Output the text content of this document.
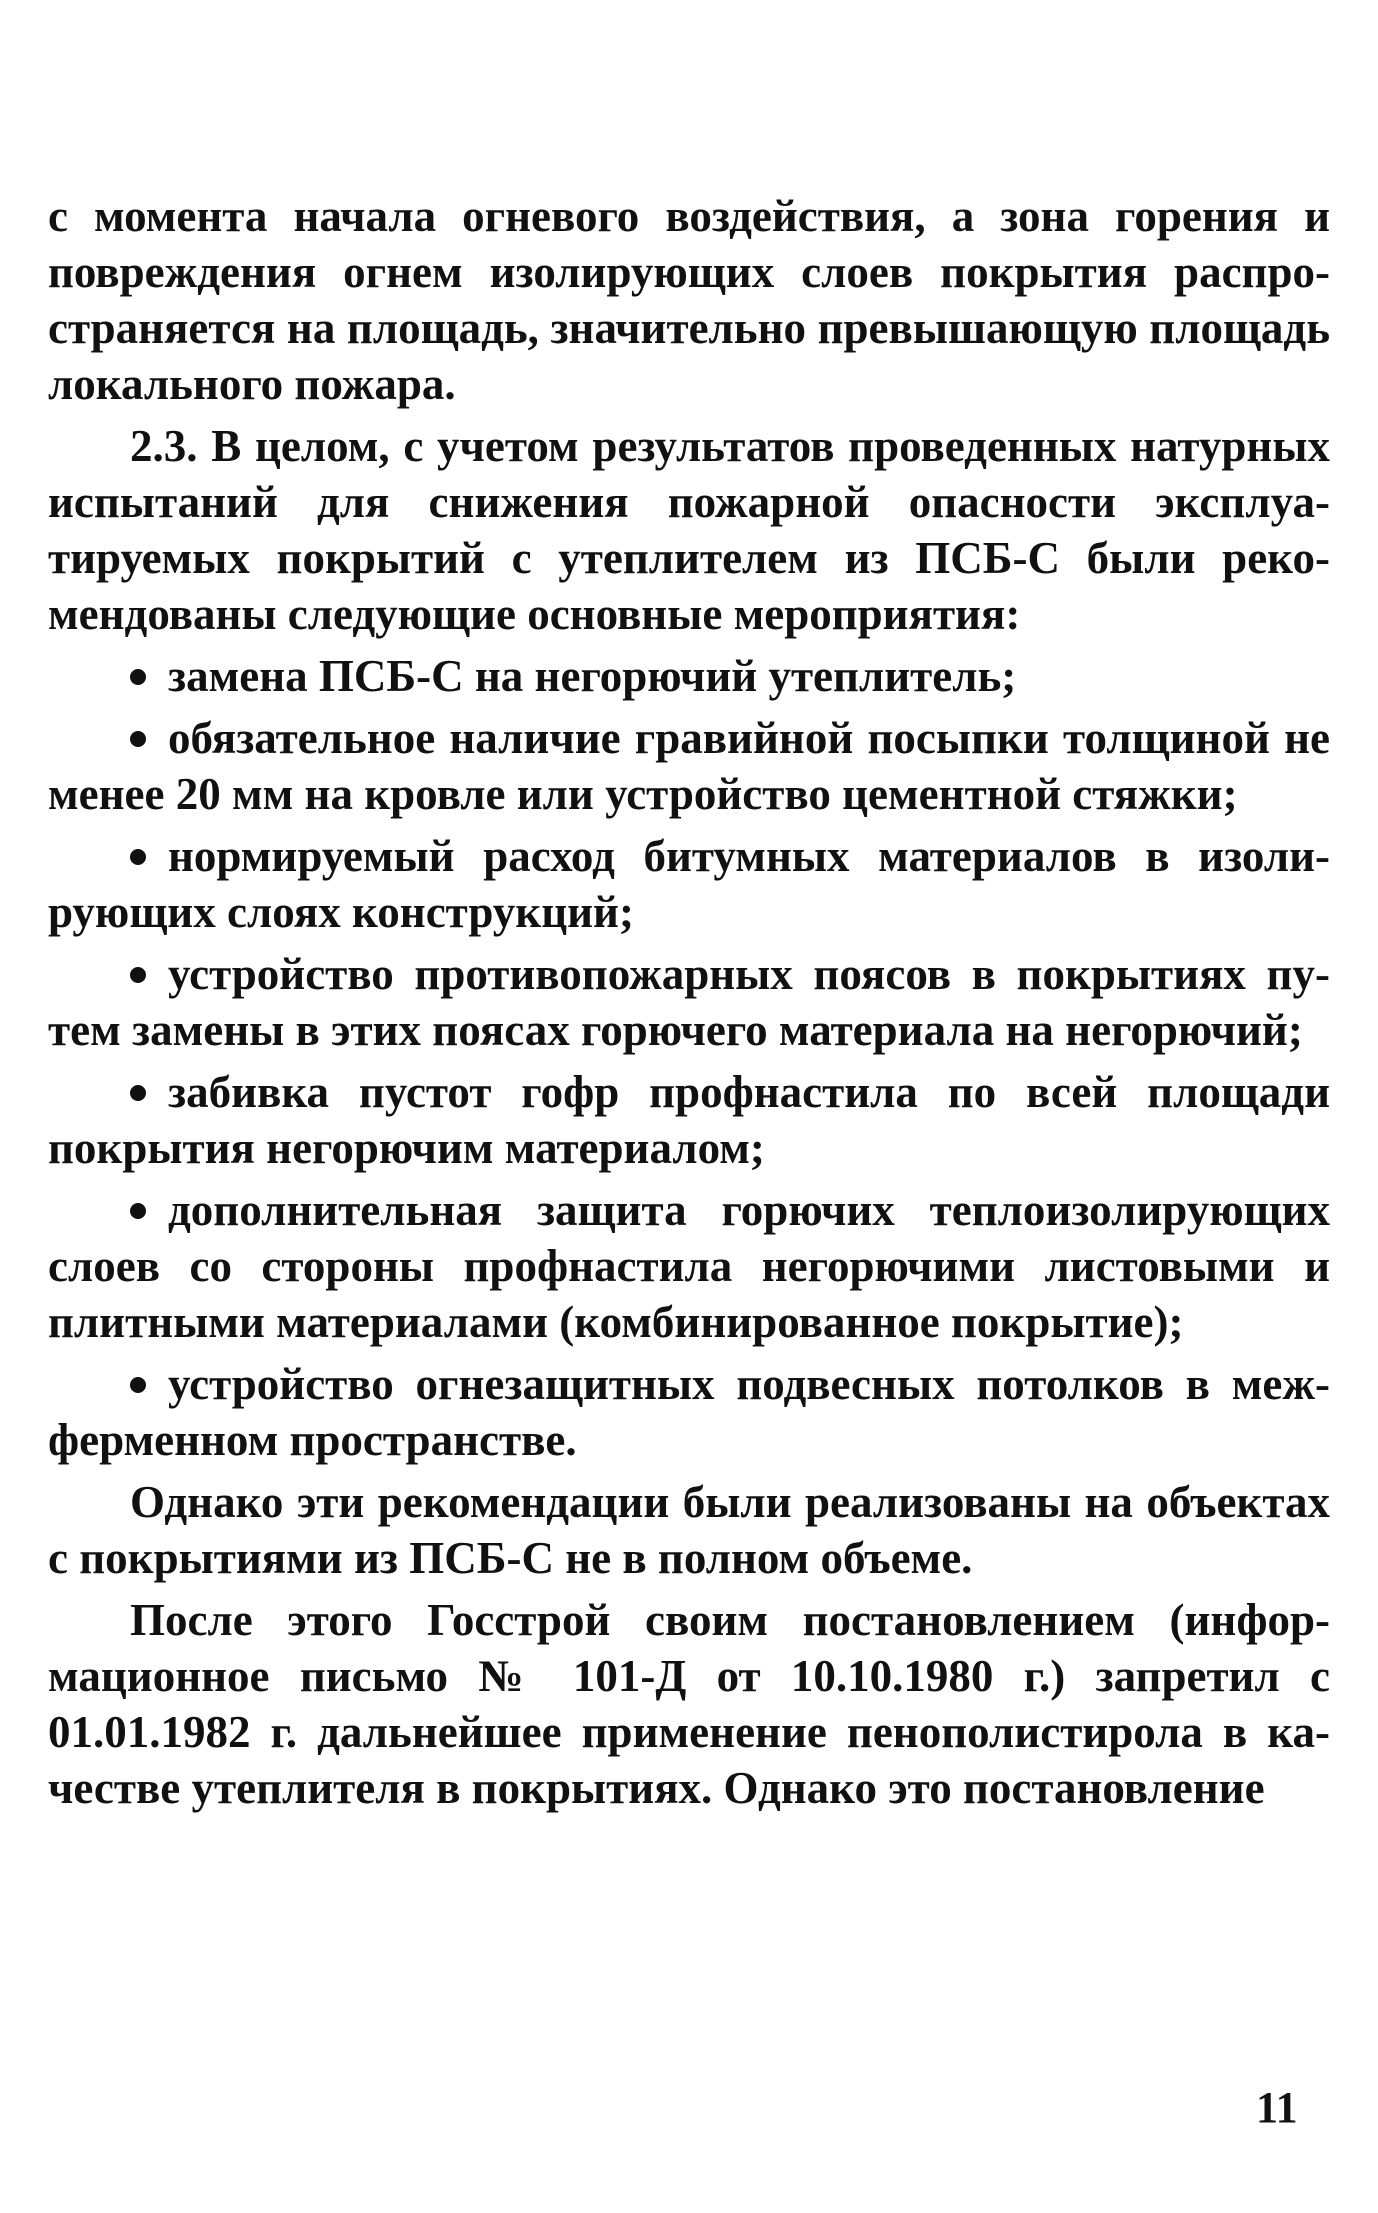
с момента начала огневого воздействия, а зона горения и повреждения огнем изолирующих слоев покрытия распространяется на площадь, значительно превышающую площадь локального пожара.

2.3. В целом, с учетом результатов проведенных натурных испытаний для снижения пожарной опасности эксплуатируемых покрытий с утеплителем из ПСБ-С были рекомендованы следующие основные мероприятия:

замена ПСБ-С на негорючий утеплитель;

обязательное наличие гравийной посыпки толщиной не менее 20 мм на кровле или устройство цементной стяжки;

нормируемый расход битумных материалов в изолирующих слоях конструкций;

устройство противопожарных поясов в покрытиях путем замены в этих поясах горючего материала на негорючий;

забивка пустот гофр профнастила по всей площади покрытия негорючим материалом;

дополнительная защита горючих теплоизолирующих слоев со стороны профнастила негорючими листовыми и плитными материалами (комбинированное покрытие);

устройство огнезащитных подвесных потолков в межферменном пространстве.

Однако эти рекомендации были реализованы на объектах с покрытиями из ПСБ-С не в полном объеме.

После этого Госстрой своим постановлением (информационное письмо № 101-Д от 10.10.1980 г.) запретил с 01.01.1982 г. дальнейшее применение пенополистирола в качестве утеплителя в покрытиях. Однако это постановление

11
